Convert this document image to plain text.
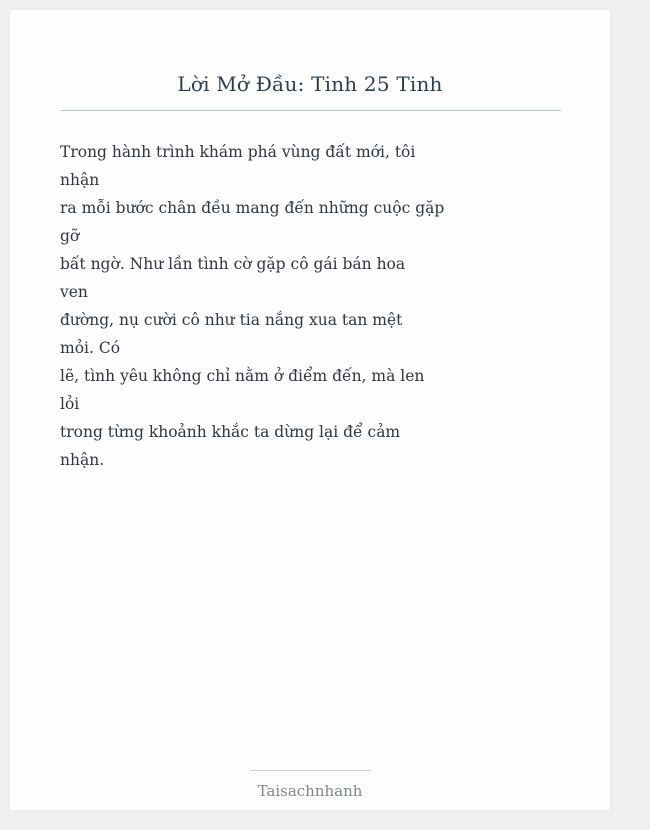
Lời Mở Đầu: Tinh 25 Tinh
Trong hành trình khám phá vùng đất mới, tôi
nhận
ra mỗi bước chân đều mang đến những cuộc gặp
gỡ
bất ngờ. Như lần tình cờ gặp cô gái bán hoa
ven
đường, nụ cười cô như tia nắng xua tan mệt
mỏi. Có
lẽ, tình yêu không chỉ nằm ở điểm đến, mà len
lỏi
trong từng khoảnh khắc ta dừng lại để cảm
nhận.
Taisachnhanh
